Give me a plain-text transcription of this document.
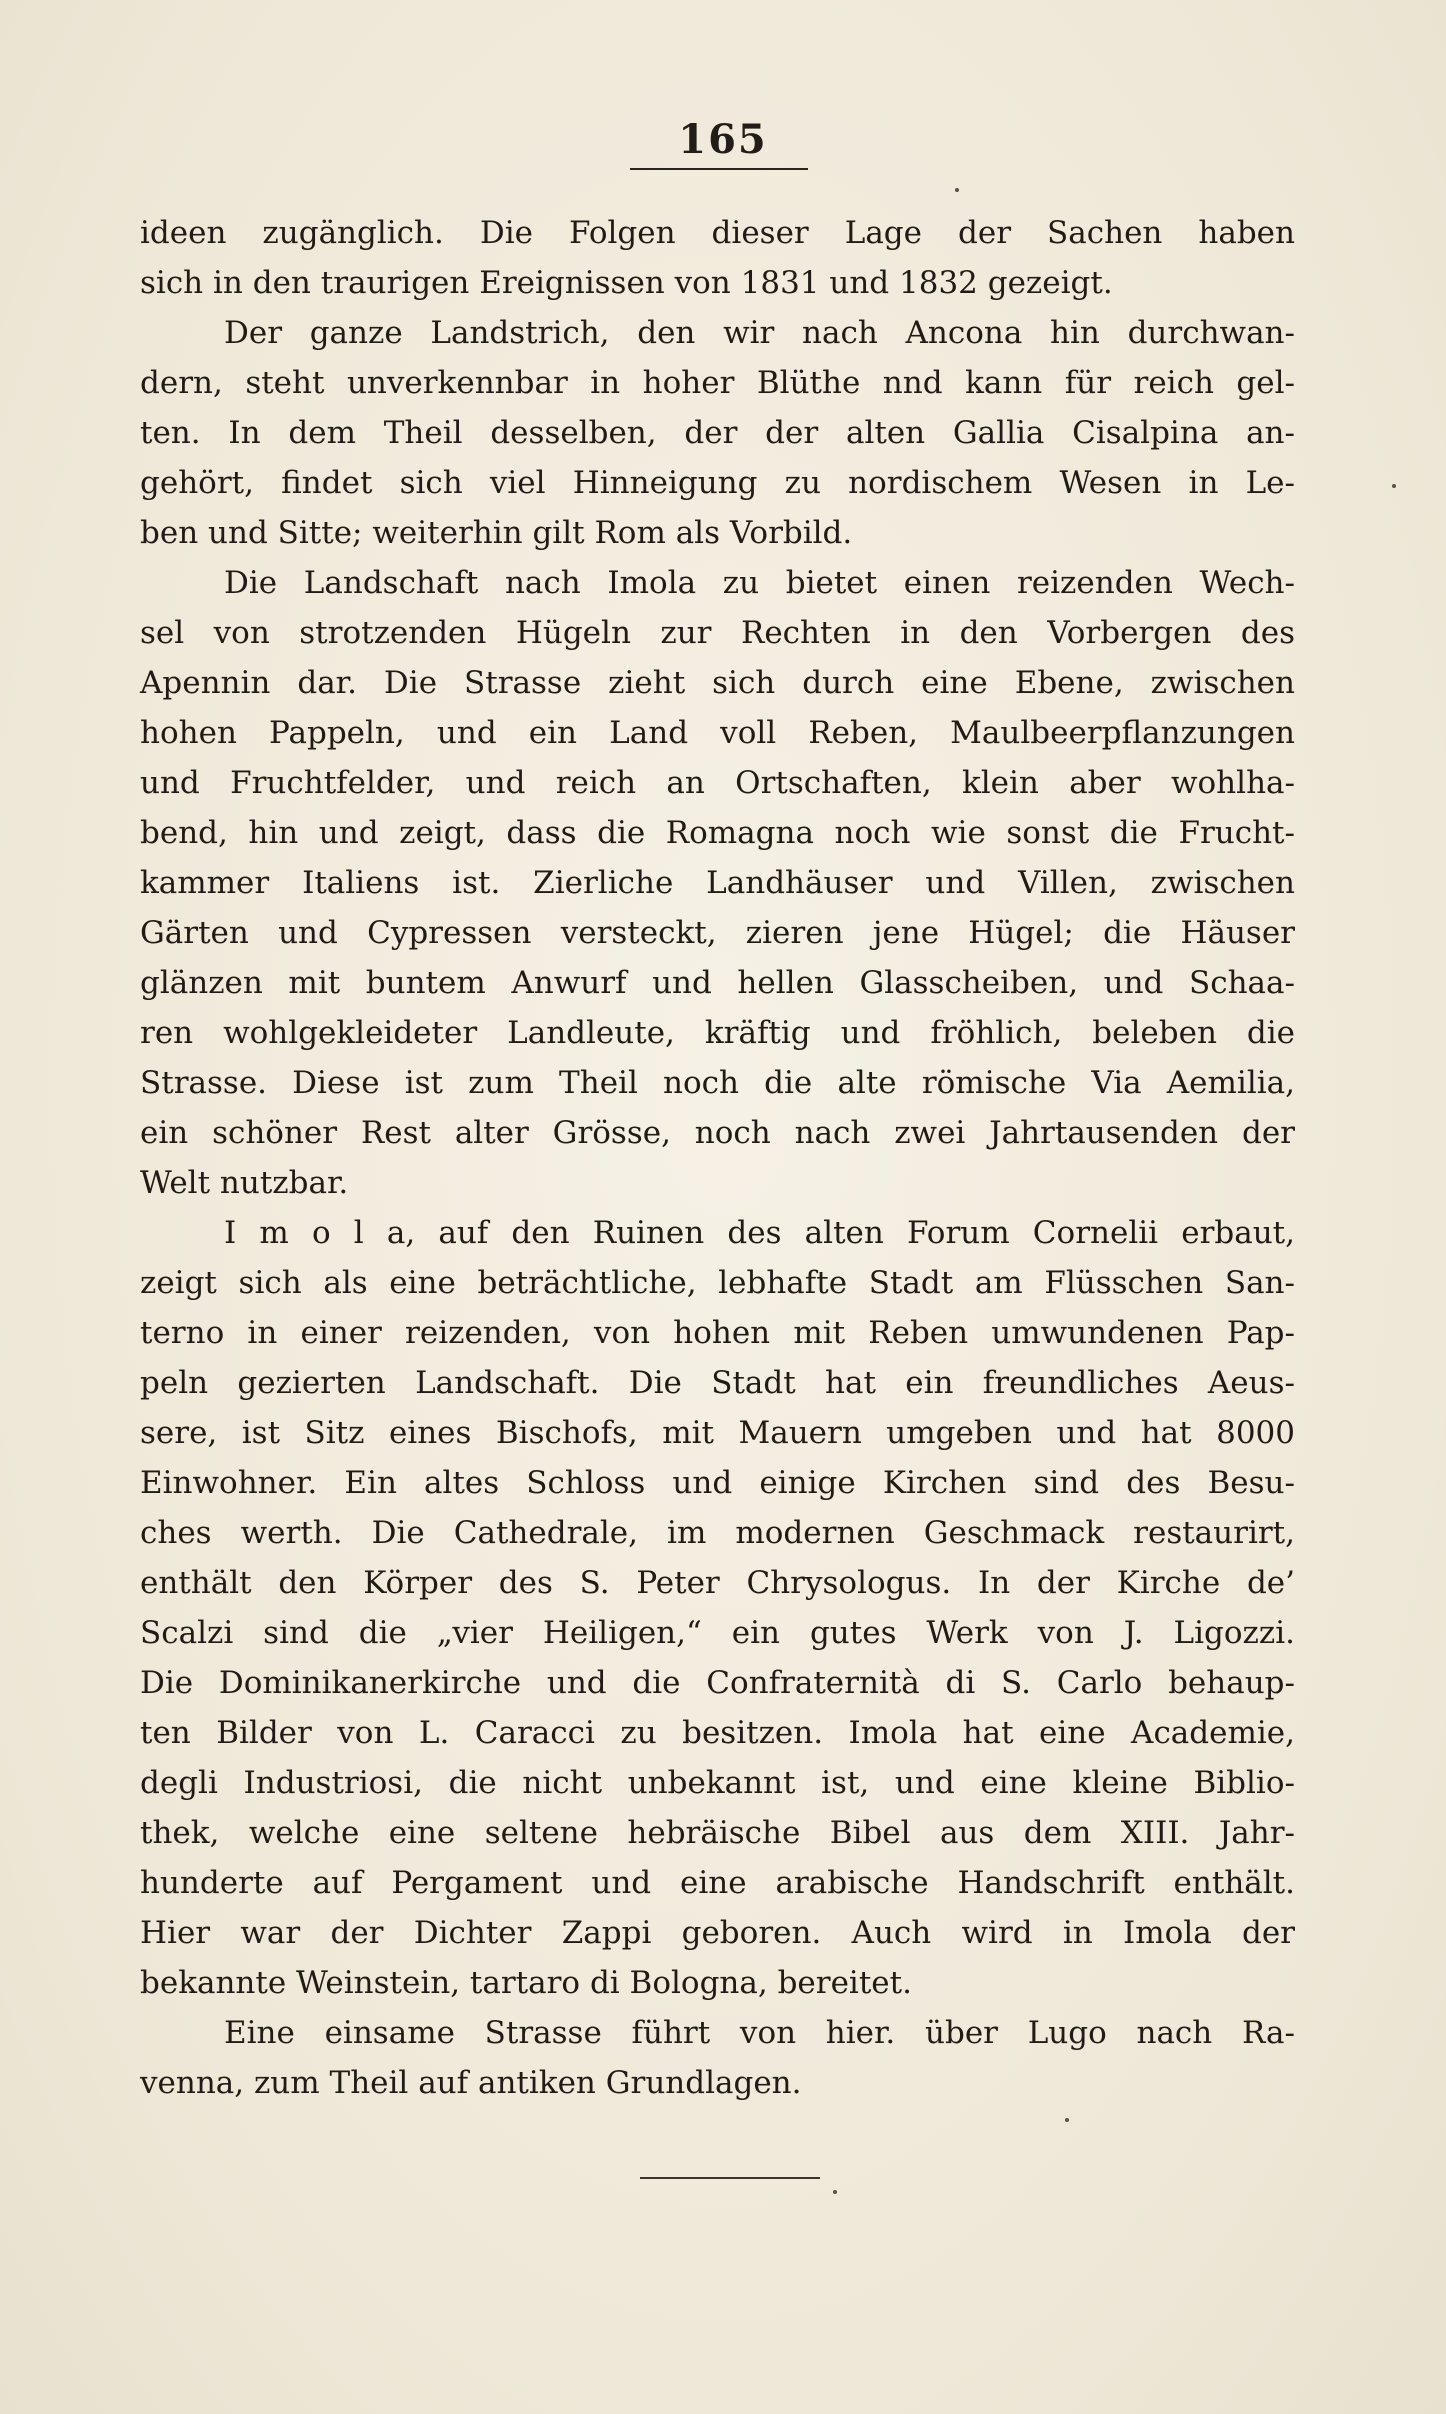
165
ideen zugänglich. Die Folgen dieser Lage der Sachen haben
sich in den traurigen Ereignissen von 1831 und 1832 gezeigt.
Der ganze Landstrich, den wir nach Ancona hin durchwan-
dern, steht unverkennbar in hoher Blüthe nnd kann für reich gel-
ten. In dem Theil desselben, der der alten Gallia Cisalpina an-
gehört, findet sich viel Hinneigung zu nordischem Wesen in Le-
ben und Sitte; weiterhin gilt Rom als Vorbild.
Die Landschaft nach Imola zu bietet einen reizenden Wech-
sel von strotzenden Hügeln zur Rechten in den Vorbergen des
Apennin dar. Die Strasse zieht sich durch eine Ebene, zwischen
hohen Pappeln, und ein Land voll Reben, Maulbeerpflanzungen
und Fruchtfelder, und reich an Ortschaften, klein aber wohlha-
bend, hin und zeigt, dass die Romagna noch wie sonst die Frucht-
kammer Italiens ist. Zierliche Landhäuser und Villen, zwischen
Gärten und Cypressen versteckt, zieren jene Hügel; die Häuser
glänzen mit buntem Anwurf und hellen Glasscheiben, und Schaa-
ren wohlgekleideter Landleute, kräftig und fröhlich, beleben die
Strasse. Diese ist zum Theil noch die alte römische Via Aemilia,
ein schöner Rest alter Grösse, noch nach zwei Jahrtausenden der
Welt nutzbar.
I m o l a, auf den Ruinen des alten Forum Cornelii erbaut,
zeigt sich als eine beträchtliche, lebhafte Stadt am Flüsschen San-
terno in einer reizenden, von hohen mit Reben umwundenen Pap-
peln gezierten Landschaft. Die Stadt hat ein freundliches Aeus-
sere, ist Sitz eines Bischofs, mit Mauern umgeben und hat 8000
Einwohner. Ein altes Schloss und einige Kirchen sind des Besu-
ches werth. Die Cathedrale, im modernen Geschmack restaurirt,
enthält den Körper des S. Peter Chrysologus. In der Kirche de’
Scalzi sind die „vier Heiligen,“ ein gutes Werk von J. Ligozzi.
Die Dominikanerkirche und die Confraternità di S. Carlo behaup-
ten Bilder von L. Caracci zu besitzen. Imola hat eine Academie,
degli Industriosi, die nicht unbekannt ist, und eine kleine Biblio-
thek, welche eine seltene hebräische Bibel aus dem XIII. Jahr-
hunderte auf Pergament und eine arabische Handschrift enthält.
Hier war der Dichter Zappi geboren. Auch wird in Imola der
bekannte Weinstein, tartaro di Bologna, bereitet.
Eine einsame Strasse führt von hier. über Lugo nach Ra-
venna, zum Theil auf antiken Grundlagen.
